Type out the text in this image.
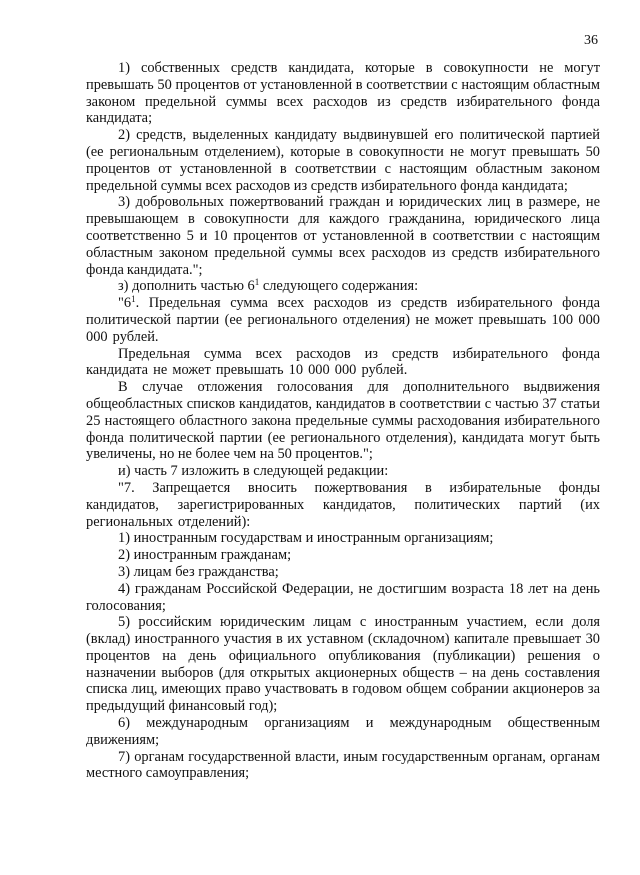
36

1) собственных средств кандидата, которые в совокупности не могут превышать 50 процентов от установленной в соответствии с настоящим областным законом предельной суммы всех расходов из средств избирательного фонда кандидата;

2) средств, выделенных кандидату выдвинувшей его политической партией (ее региональным отделением), которые в совокупности не могут превышать 50 процентов от установленной в соответствии с настоящим областным законом предельной суммы всех расходов из средств избирательного фонда кандидата;

3) добровольных пожертвований граждан и юридических лиц в размере, не превышающем в совокупности для каждого гражданина, юридического лица соответственно 5 и 10 процентов от установленной в соответствии с настоящим областным законом предельной суммы всех расходов из средств избирательного фонда кандидата.";

з) дополнить частью $6^1$ следующего содержания:

"$6^1$. Предельная сумма всех расходов из средств избирательного фонда политической партии (ее регионального отделения) не может превышать 100 000 000 рублей.

Предельная сумма всех расходов из средств избирательного фонда кандидата не может превышать 10 000 000 рублей.

В случае отложения голосования для дополнительного выдвижения общеобластных списков кандидатов, кандидатов в соответствии с частью 37 статьи 25 настоящего областного закона предельные суммы расходования избирательного фонда политической партии (ее регионального отделения), кандидата могут быть увеличены, но не более чем на 50 процентов.";

и) часть 7 изложить в следующей редакции:

"7. Запрещается вносить пожертвования в избирательные фонды кандидатов, зарегистрированных кандидатов, политических партий (их региональных отделений):

1) иностранным государствам и иностранным организациям;

2) иностранным гражданам;

3) лицам без гражданства;

4) гражданам Российской Федерации, не достигшим возраста 18 лет на день голосования;

5) российским юридическим лицам с иностранным участием, если доля (вклад) иностранного участия в их уставном (складочном) капитале превышает 30 процентов на день официального опубликования (публикации) решения о назначении выборов (для открытых акционерных обществ – на день составления списка лиц, имеющих право участвовать в годовом общем собрании акционеров за предыдущий финансовый год);

6) международным организациям и международным общественным движениям;

7) органам государственной власти, иным государственным органам, органам местного самоуправления;
